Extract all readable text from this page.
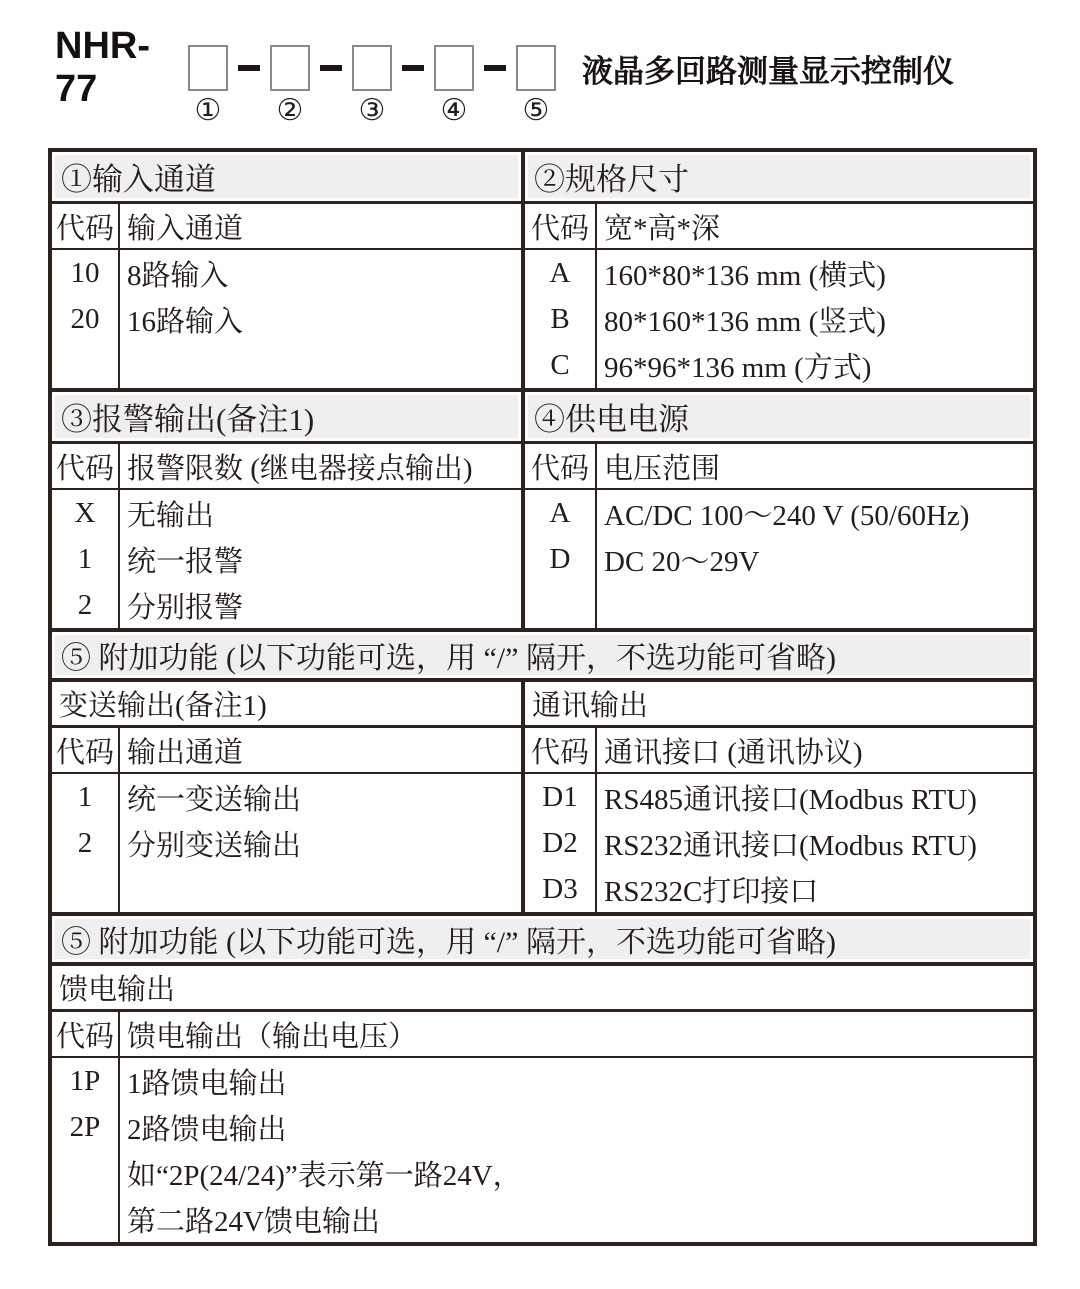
NHR-77	液晶多回路测量显示控制仪
① ② ③ ④ ⑤
①输入通道
代码 输入通道
10
20
8路输入
16路输入
②规格尺寸
代码 宽*高*深
A
B
C
160*80*136 mm (横式)
80*160*136 mm (竖式)
96*96*136 mm (方式)
③报警输出(备注1)
代码 报警限数 (继电器接点输出)
X
1
2
无输出
统一报警
分别报警
④供电电源
代码 电压范围
A
D
AC/DC 100～240 V (50/60Hz)
DC 20～29V
⑤ 附加功能 (以下功能可选，用 “/” 隔开，不选功能可省略)
变送输出(备注1)
代码 输出通道
1
2
统一变送输出
分别变送输出
通讯输出
代码 通讯接口 (通讯协议)
D1
D2
D3
RS485通讯接口(Modbus RTU)
RS232通讯接口(Modbus RTU)
RS232C打印接口
⑤ 附加功能 (以下功能可选，用 “/” 隔开，不选功能可省略)
馈电输出
代码 馈电输出（输出电压）
1P
2P
1路馈电输出
2路馈电输出
如“2P(24/24)”表示第一路24V，
第二路24V馈电输出
